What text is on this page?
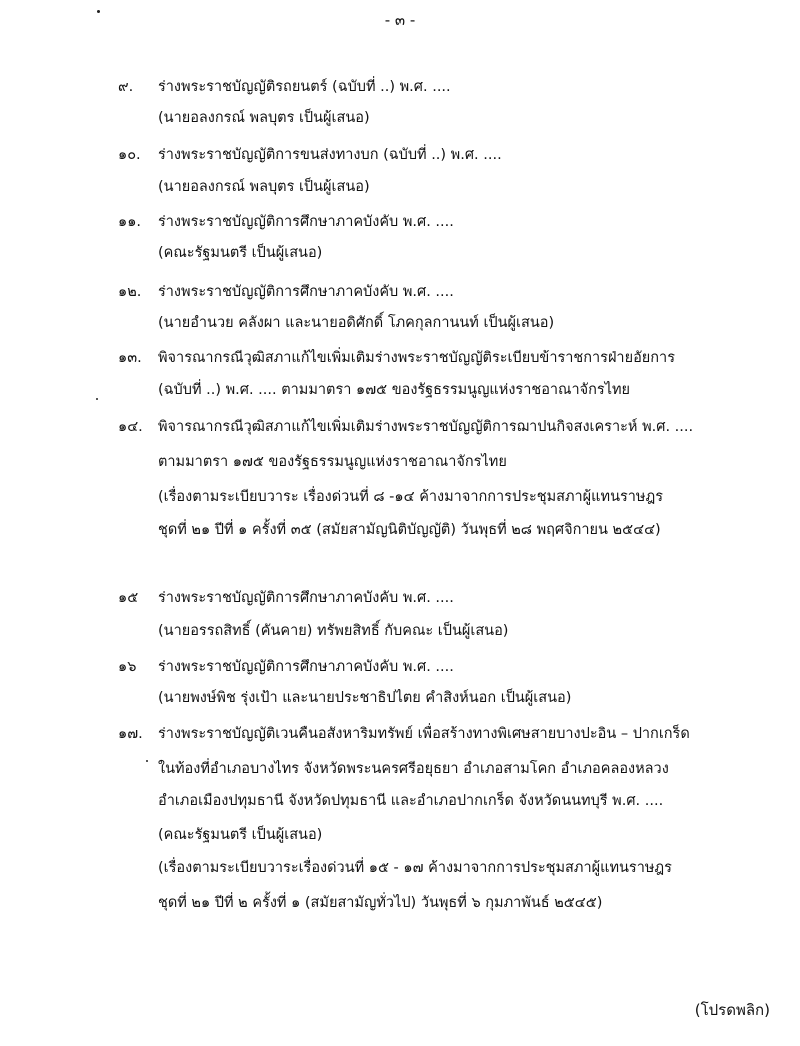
- ๓ -
๙.	ร่างพระราชบัญญัติรถยนตร์ (ฉบับที่ ..) พ.ศ. ....
(นายอลงกรณ์ พลบุตร เป็นผู้เสนอ)
๑๐.	ร่างพระราชบัญญัติการขนส่งทางบก (ฉบับที่ ..) พ.ศ. ....
(นายอลงกรณ์ พลบุตร เป็นผู้เสนอ)
๑๑.	ร่างพระราชบัญญัติการศึกษาภาคบังคับ พ.ศ. ....
(คณะรัฐมนตรี เป็นผู้เสนอ)
๑๒.	ร่างพระราชบัญญัติการศึกษาภาคบังคับ พ.ศ. ....
(นายอำนวย คลังผา และนายอดิศักดิ์ โภคกุลกานนท์ เป็นผู้เสนอ)
๑๓.	พิจารณากรณีวุฒิสภาแก้ไขเพิ่มเติมร่างพระราชบัญญัติระเบียบข้าราชการฝ่ายอัยการ
(ฉบับที่ ..) พ.ศ. .... ตามมาตรา ๑๗๕ ของรัฐธรรมนูญแห่งราชอาณาจักรไทย
๑๔.	พิจารณากรณีวุฒิสภาแก้ไขเพิ่มเติมร่างพระราชบัญญัติการฌาปนกิจสงเคราะห์ พ.ศ. ....
ตามมาตรา ๑๗๕ ของรัฐธรรมนูญแห่งราชอาณาจักรไทย
(เรื่องตามระเบียบวาระ เรื่องด่วนที่ ๘ -๑๔ ค้างมาจากการประชุมสภาผู้แทนราษฎร
ชุดที่ ๒๑ ปีที่ ๑ ครั้งที่ ๓๕ (สมัยสามัญนิติบัญญัติ) วันพุธที่ ๒๘ พฤศจิกายน ๒๕๔๔)
๑๕	ร่างพระราชบัญญัติการศึกษาภาคบังคับ พ.ศ. ....
(นายอรรถสิทธิ์ (คันคาย) ทรัพยสิทธิ์ กับคณะ เป็นผู้เสนอ)
๑๖	ร่างพระราชบัญญัติการศึกษาภาคบังคับ พ.ศ. ....
(นายพงษ์พิช รุ่งเป้า และนายประชาธิปไตย คำสิงห์นอก เป็นผู้เสนอ)
๑๗.	ร่างพระราชบัญญัติเวนคืนอสังหาริมทรัพย์ เพื่อสร้างทางพิเศษสายบางปะอิน – ปากเกร็ด
ในท้องที่อำเภอบางไทร จังหวัดพระนครศรีอยุธยา อำเภอสามโคก อำเภอคลองหลวง
อำเภอเมืองปทุมธานี จังหวัดปทุมธานี และอำเภอปากเกร็ด จังหวัดนนทบุรี พ.ศ. ....
(คณะรัฐมนตรี เป็นผู้เสนอ)
(เรื่องตามระเบียบวาระเรื่องด่วนที่ ๑๕ - ๑๗ ค้างมาจากการประชุมสภาผู้แทนราษฎร
ชุดที่ ๒๑ ปีที่ ๒ ครั้งที่ ๑ (สมัยสามัญทั่วไป) วันพุธที่ ๖ กุมภาพันธ์ ๒๕๔๕)
(โปรดพลิก)
